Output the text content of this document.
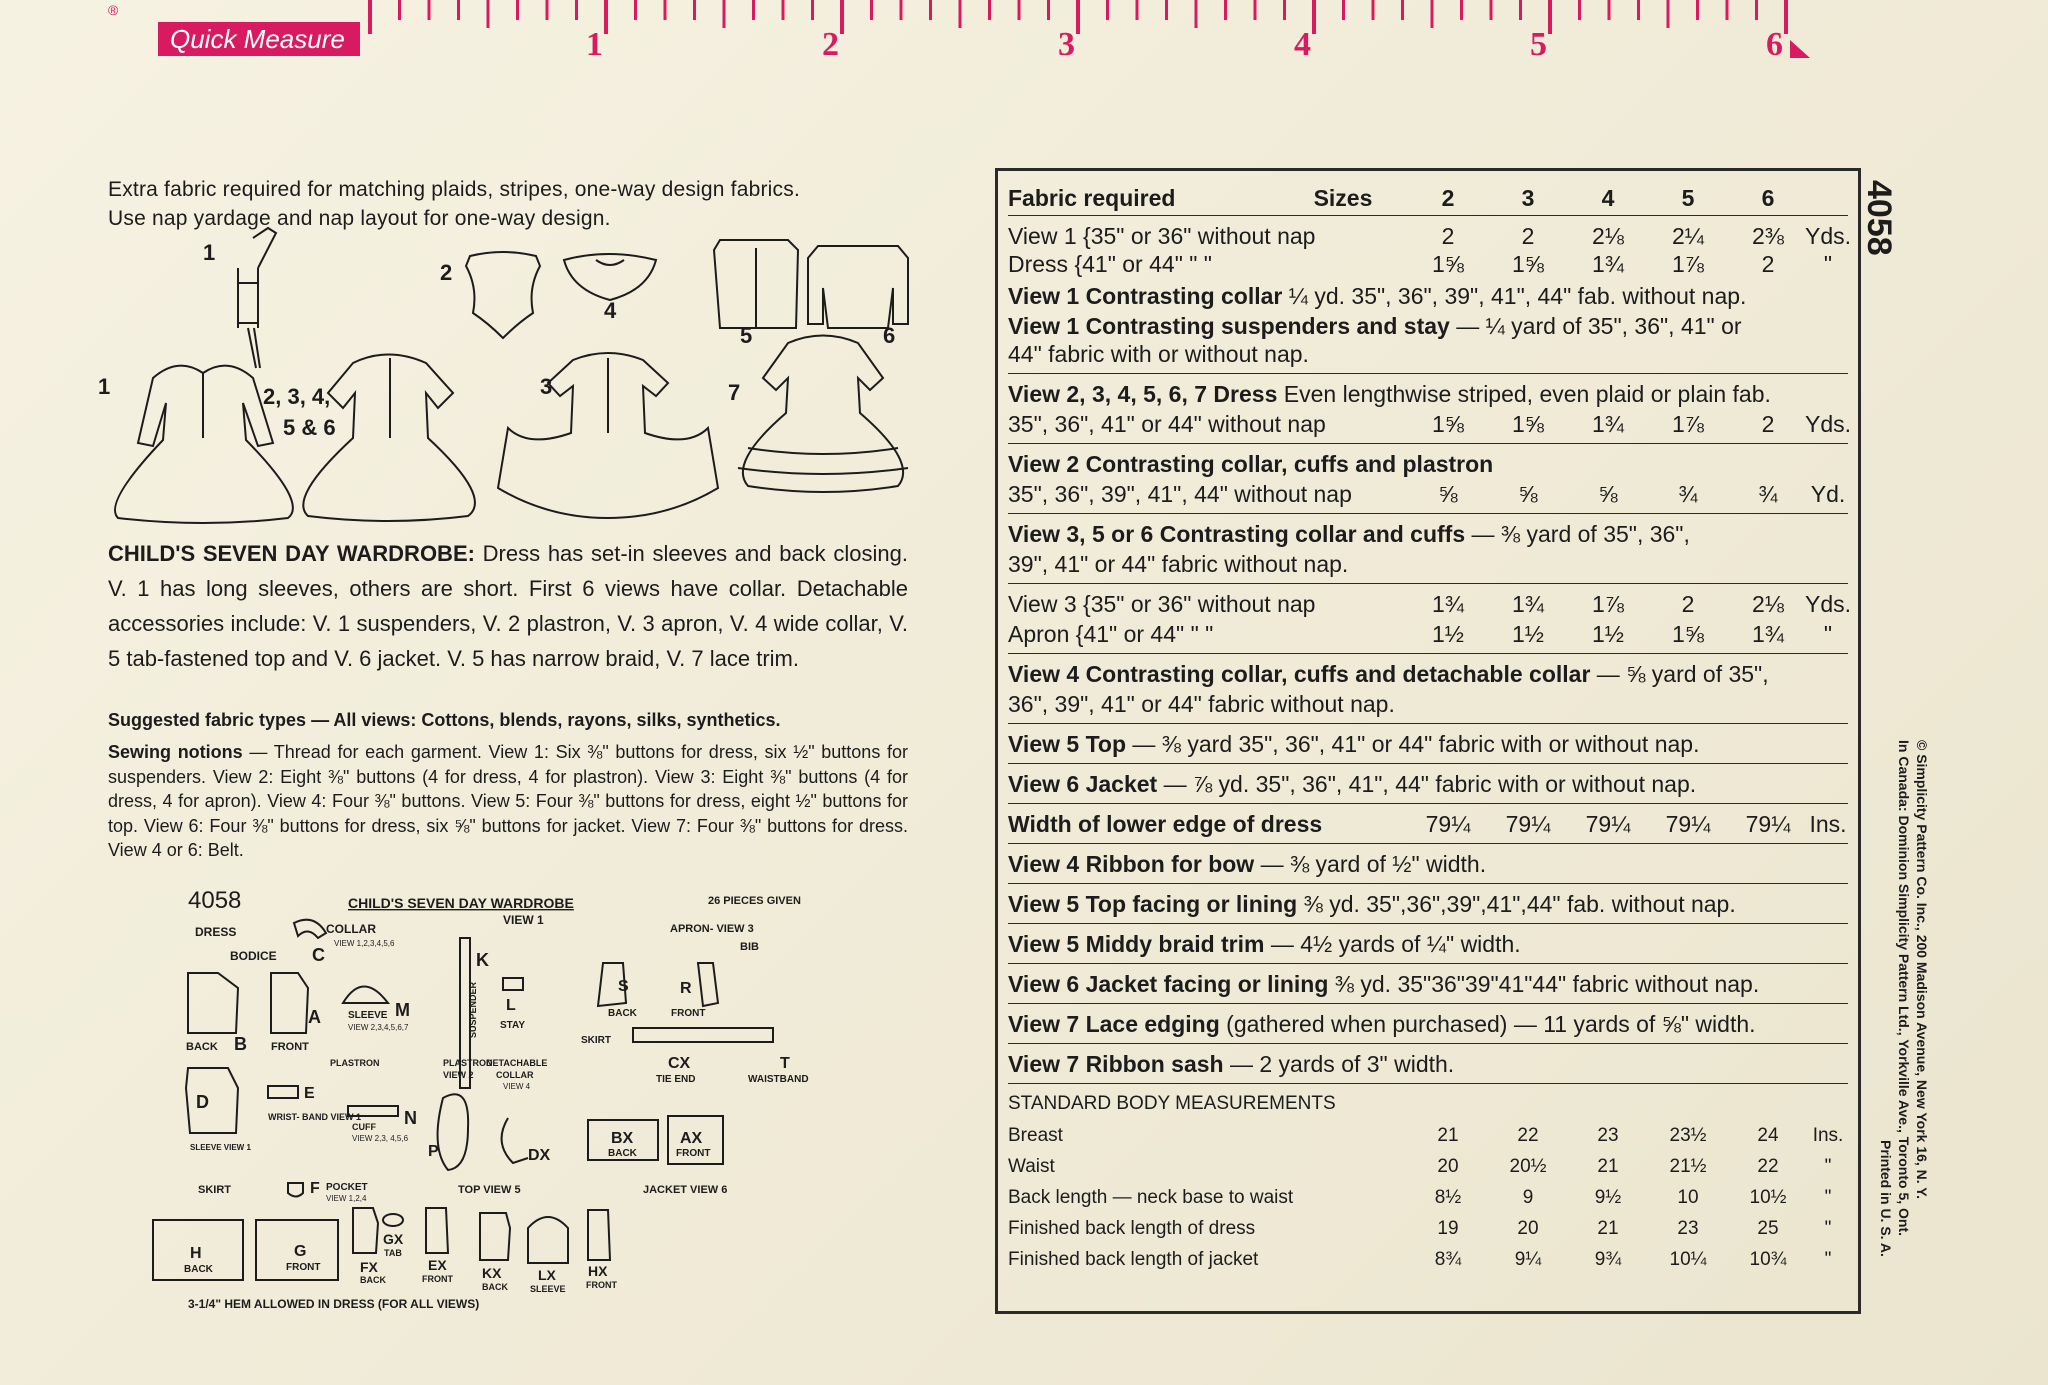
®
Quick Measure	1	2	3	4	5	6
Extra fabric required for matching plaids, stripes, one-way design fabrics.
Use nap yardage and nap layout for one-way design.
1
2
4
5	6
1	2, 3, 4,
5 & 6
3	7
CHILD'S SEVEN DAY WARDROBE: Dress has set-in sleeves and back closing. V. 1 has long sleeves, others are short. First 6 views have collar. Detachable accessories include: V. 1 suspenders, V. 2 plastron, V. 3 apron, V. 4 wide collar, V. 5 tab-fastened top and V. 6 jacket. V. 5 has narrow braid, V. 7 lace trim.
Suggested fabric types — All views: Cottons, blends, rayons, silks, synthetics.
Sewing notions — Thread for each garment. View 1: Six ⅜" buttons for dress, six ½" buttons for suspenders. View 2: Eight ⅜" buttons (4 for dress, 4 for plastron). View 3: Eight ⅜" buttons (4 for dress, 4 for apron). View 4: Four ⅜" buttons. View 5: Four ⅜" buttons for dress, eight ½" buttons for top. View 6: Four ⅜" buttons for dress, six ⅝" buttons for jacket. View 7: Four ⅜" buttons for dress. View 4 or 6: Belt.
4058	CHILD'S SEVEN DAY WARDROBE	26 PIECES GIVEN
DRESS
BODICE
COLLAR
VIEW 1,2,3,4,5,6
C
VIEW 1
APRON- VIEW 3
BIB
BACK B FRONT
A	SLEEVE
VIEW 2,3,4,5,6,7
M
K
SUSPENDER L
STAY
S
BACK
R
FRONT
SKIRT
PLASTRON	PLASTRON
VIEW 2
DETACHABLE
COLLAR
VIEW 4
CX
TIE END
T
WAISTBAND
D
SLEEVE VIEW 1
E
WRIST- BAND VIEW 1
CUFF
VIEW 2,3, 4,5,6
N
P	DX
BX
BACK
AX
FRONT
SKIRT	F POCKET
VIEW 1,2,4
TOP VIEW 5	JACKET VIEW 6
H
BACK
G
FRONT	FX
BACK
GX
TAB
EX
FRONT KX
BACK
LX
SLEEVE
HX
FRONT
3-1/4" HEM ALLOWED IN DRESS (FOR ALL VIEWS)
Fabric required	Sizes	2	3	4	5	6
View 1 {35" or 36" without nap	2	2	2⅛	2¼	2⅜ Yds.
Dress {41" or 44" " "	1⅝	1⅝	1¾	1⅞	2	"
View 1 Contrasting collar ¼ yd. 35", 36", 39", 41", 44" fab. without nap.
View 1 Contrasting suspenders and stay — ¼ yard of 35", 36", 41" or
44" fabric with or without nap.
View 2, 3, 4, 5, 6, 7 Dress Even lengthwise striped, even plaid or plain fab.
35", 36", 41" or 44" without nap	1⅝	1⅝	1¾	1⅞	2	Yds.
View 2 Contrasting collar, cuffs and plastron
35", 36", 39", 41", 44" without nap	⅝	⅝	⅝	¾	¾	Yd.
View 3, 5 or 6 Contrasting collar and cuffs — ⅜ yard of 35", 36",
39", 41" or 44" fabric without nap.
View 3 {35" or 36" without nap	1¾	1¾	1⅞	2	2⅛ Yds.
Apron {41" or 44" " "	1½	1½	1½	1⅝	1¾	"
View 4 Contrasting collar, cuffs and detachable collar — ⅝ yard of 35",
36", 39", 41" or 44" fabric without nap.
View 5 Top — ⅜ yard 35", 36", 41" or 44" fabric with or without nap.
View 6 Jacket — ⅞ yd. 35", 36", 41", 44" fabric with or without nap.
Width of lower edge of dress	79¼	79¼	79¼	79¼	79¼ Ins.
View 4 Ribbon for bow — ⅜ yard of ½" width.
View 5 Top facing or lining ⅜ yd. 35",36",39",41",44" fab. without nap.
View 5 Middy braid trim — 4½ yards of ¼" width.
View 6 Jacket facing or lining ⅜ yd. 35"36"39"41"44" fabric without nap.
View 7 Lace edging (gathered when purchased) — 11 yards of ⅝" width.
View 7 Ribbon sash — 2 yards of 3" width.
STANDARD BODY MEASUREMENTS
Breast	21	22	23	23½	24	Ins.
Waist	20	20½	21	21½	22	"
Back length — neck base to waist	8½	9	9½	10	10½	"
Finished back length of dress	19	20	21	23	25	"
Finished back length of jacket	8¾	9¼	9¾	10¼	10¾	"
4058
© Simplicity Pattern Co. Inc., 200 Madison Avenue, New York 16, N. Y.
In Canada: Dominion Simplicity Pattern Ltd., Yorkville Ave., Toronto 5, Ont.
Printed in U. S. A.
